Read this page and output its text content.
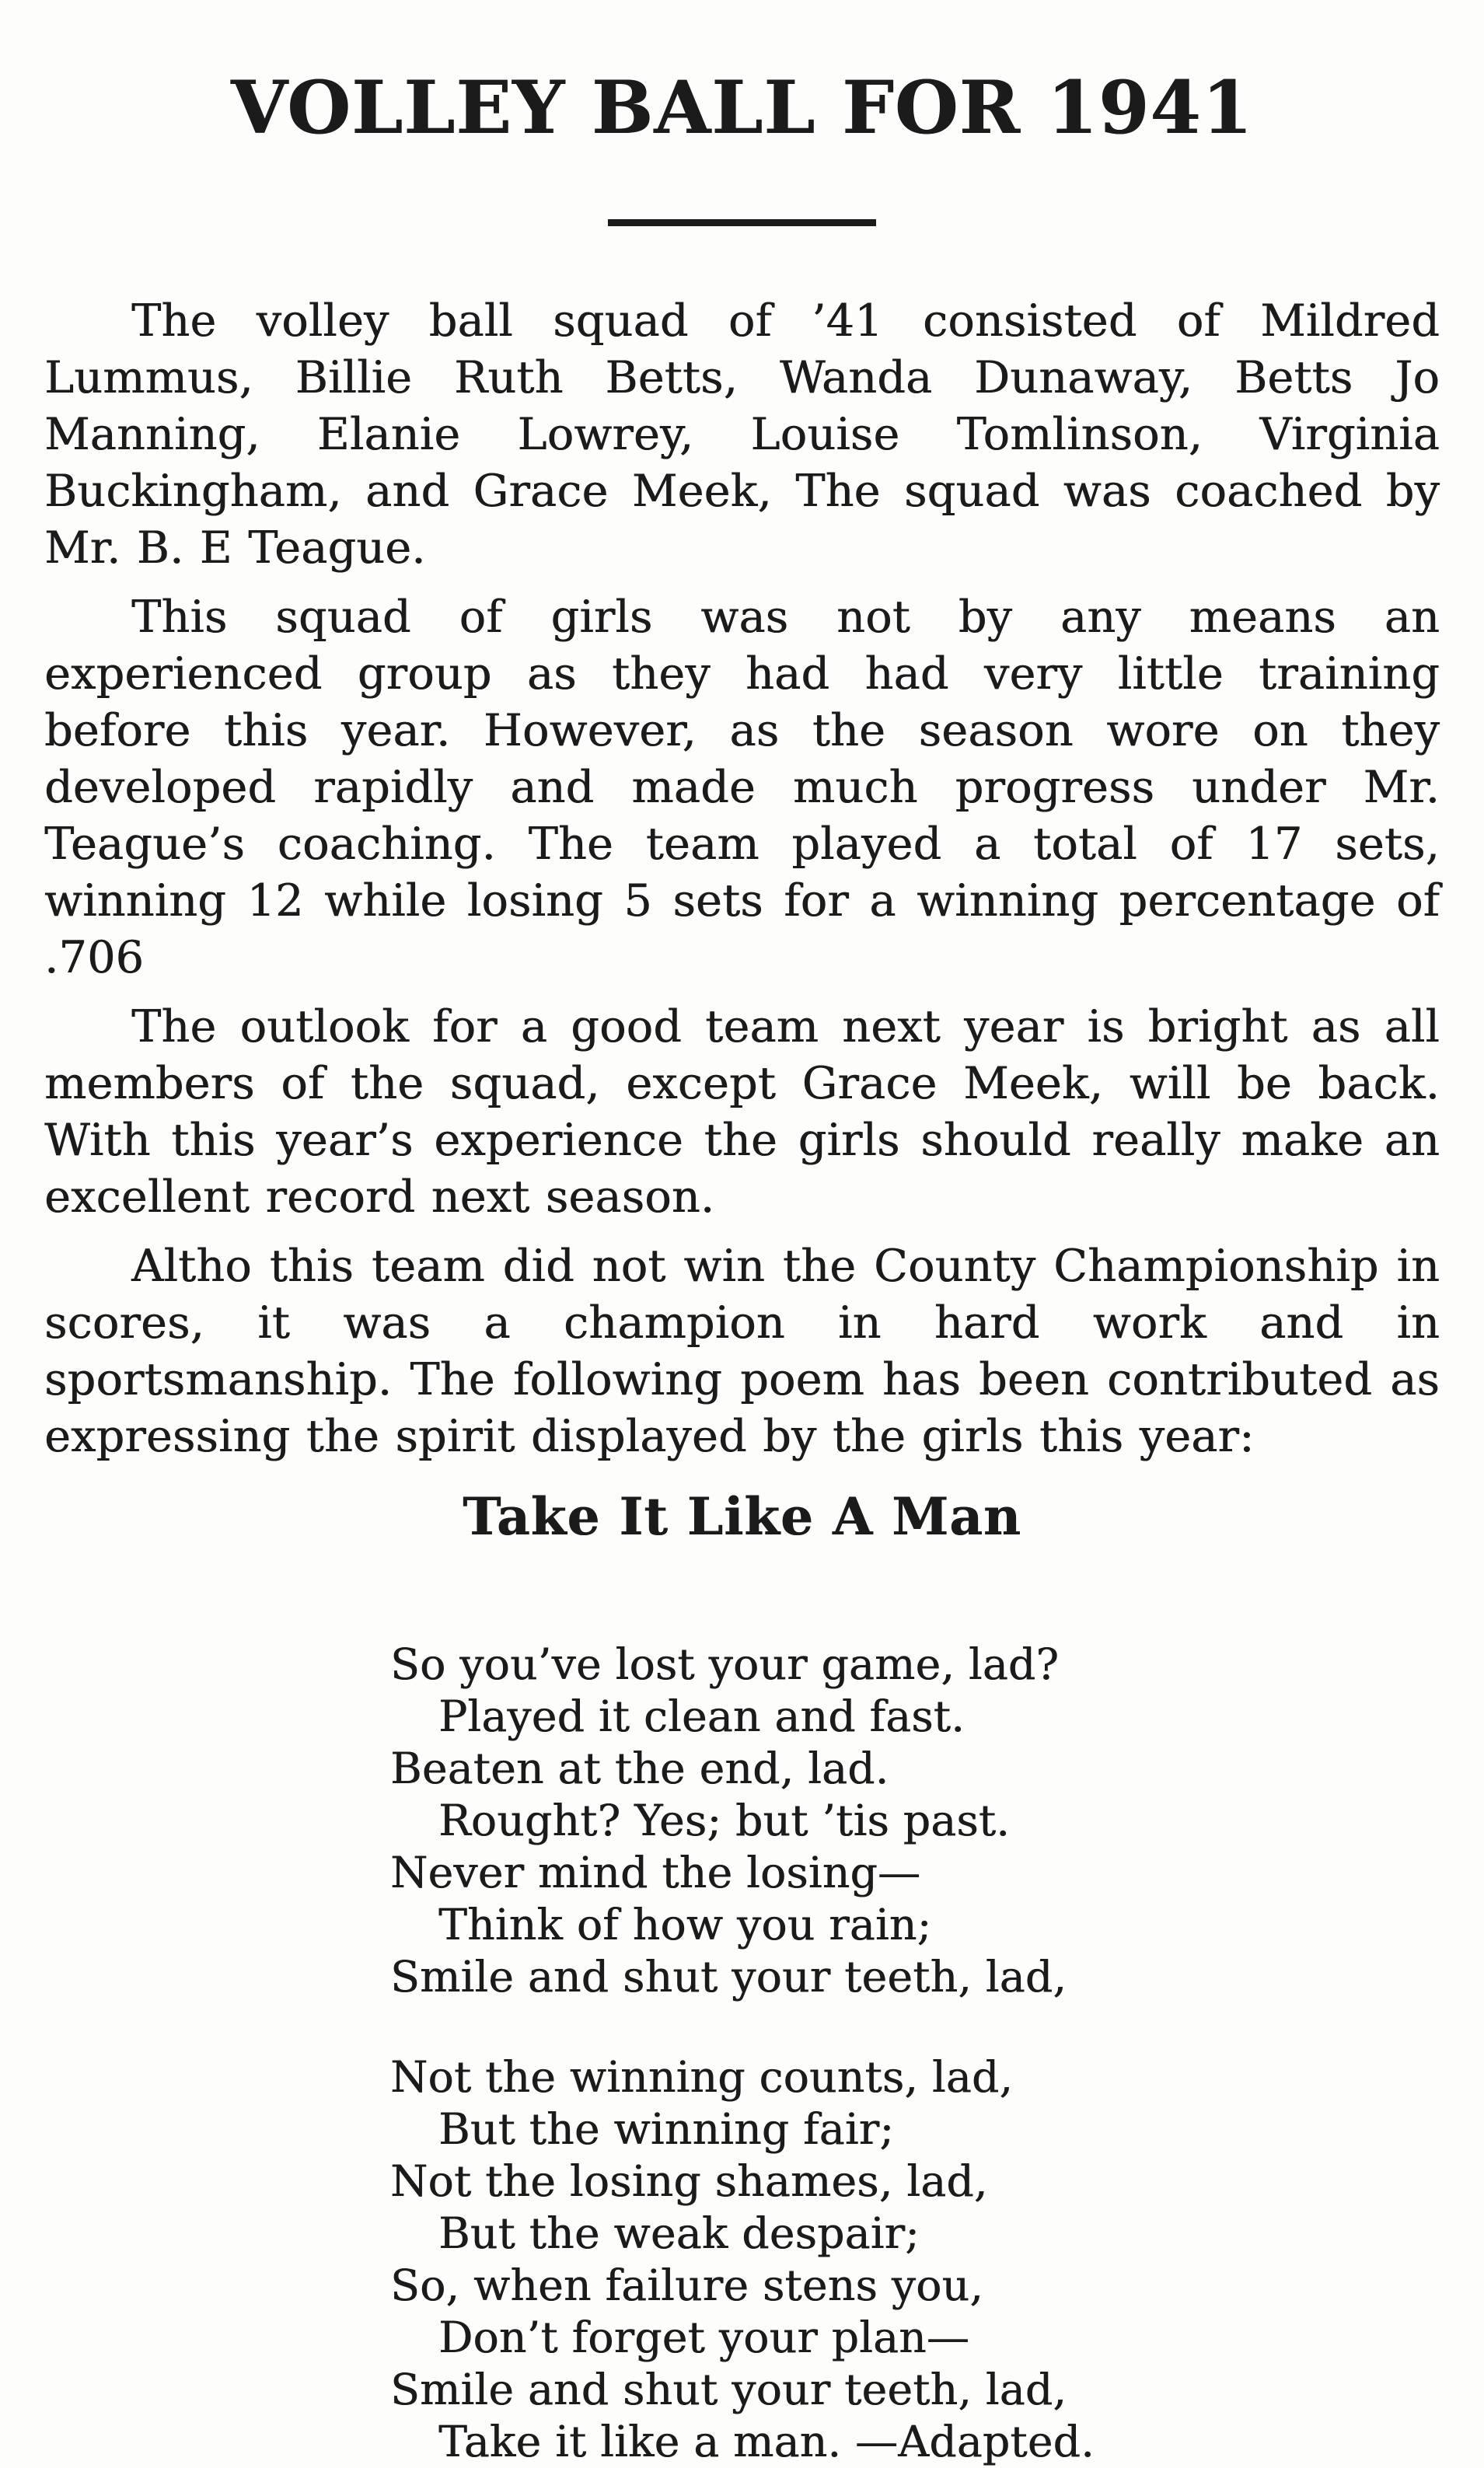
VOLLEY BALL FOR 1941

The volley ball squad of ’41 consisted of Mildred Lummus, Billie Ruth Betts, Wanda Dunaway, Betts Jo Manning, Elanie Lowrey, Louise Tomlinson, Virginia Buckingham, and Grace Meek, The squad was coached by Mr. B. E Teague.

This squad of girls was not by any means an experienced group as they had had very little training before this year. However, as the season wore on they developed rapidly and made much progress under Mr. Teague’s coaching. The team played a total of 17 sets, winning 12 while losing 5 sets for a winning percentage of .706

The outlook for a good team next year is bright as all members of the squad, except Grace Meek, will be back. With this year’s experience the girls should really make an excellent record next season.

Altho this team did not win the County Championship in scores, it was a champion in hard work and in sportsmanship. The following poem has been contributed as expressing the spirit displayed by the girls this year:

Take It Like A Man
So you’ve lost your game, lad?
Played it clean and fast.
Beaten at the end, lad.
Rought? Yes; but ’tis past.
Never mind the losing—
Think of how you rain;
Smile and shut your teeth, lad,
Not the winning counts, lad,
But the winning fair;
Not the losing shames, lad,
But the weak despair;
So, when failure stens you,
Don’t forget your plan—
Smile and shut your teeth, lad,
Take it like a man. —Adapted.
